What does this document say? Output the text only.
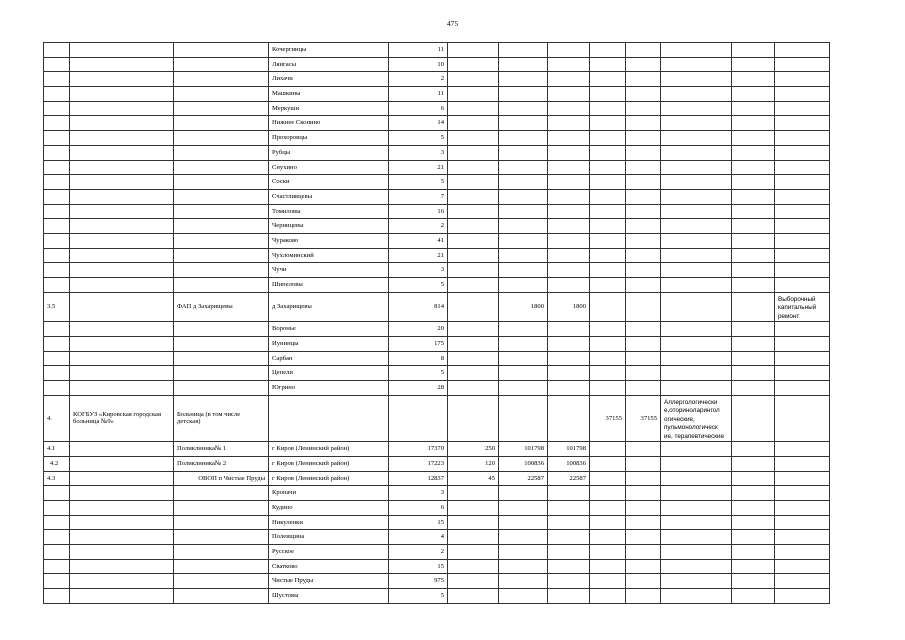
475
			Кочергинцы	11								
			Лянгасы	10								
			Лихачи	2								
			Машкины	11								
			Меркуши	6								
			Нижнее Скопино	14								
			Прохоровцы	5								
			Рубцы	3								
			Снухино	21								
			Соски	5								
			Счастливцевы	7								
			Томиловы	16								
			Черницевы	2								
			Чураково	41								
			Чухломинский	21								
			Чучи	3								
			Шипеловы	5								
3.5		ФАП д Захарищевы	д Захарищевы	814		1800	1800					Выборочный капитальный ремонт
			Воронье	20								
			Иунинцы	175								
			Сарбан	8								
			Цепели	5								
			Югрино	28								
4.	КОГБУЗ «Кировская городская больница №9»	Больница (в том числе детская)						37155	37155	Аллергологически е,оториноларингол огические, пульмонологическ ие, терапевтические		
4.1		Поликлиника№ 1	г Киров (Ленинский район)	17370	250	101798	101798					
4.2		Поликлиника№ 2	г Киров (Ленинский район)	17223	120	100836	100836					
4.3		ОВОП п Чистые Пруды	г Киров (Ленинский район)	12837	45	22587	22587					
			Кропачи	3								
			Кудино	6								
			Никуленки	15								
			Полевщина	4								
			Русское	2								
			Сватково	15								
			Чистые Пруды	975								
			Шустовы	5								
